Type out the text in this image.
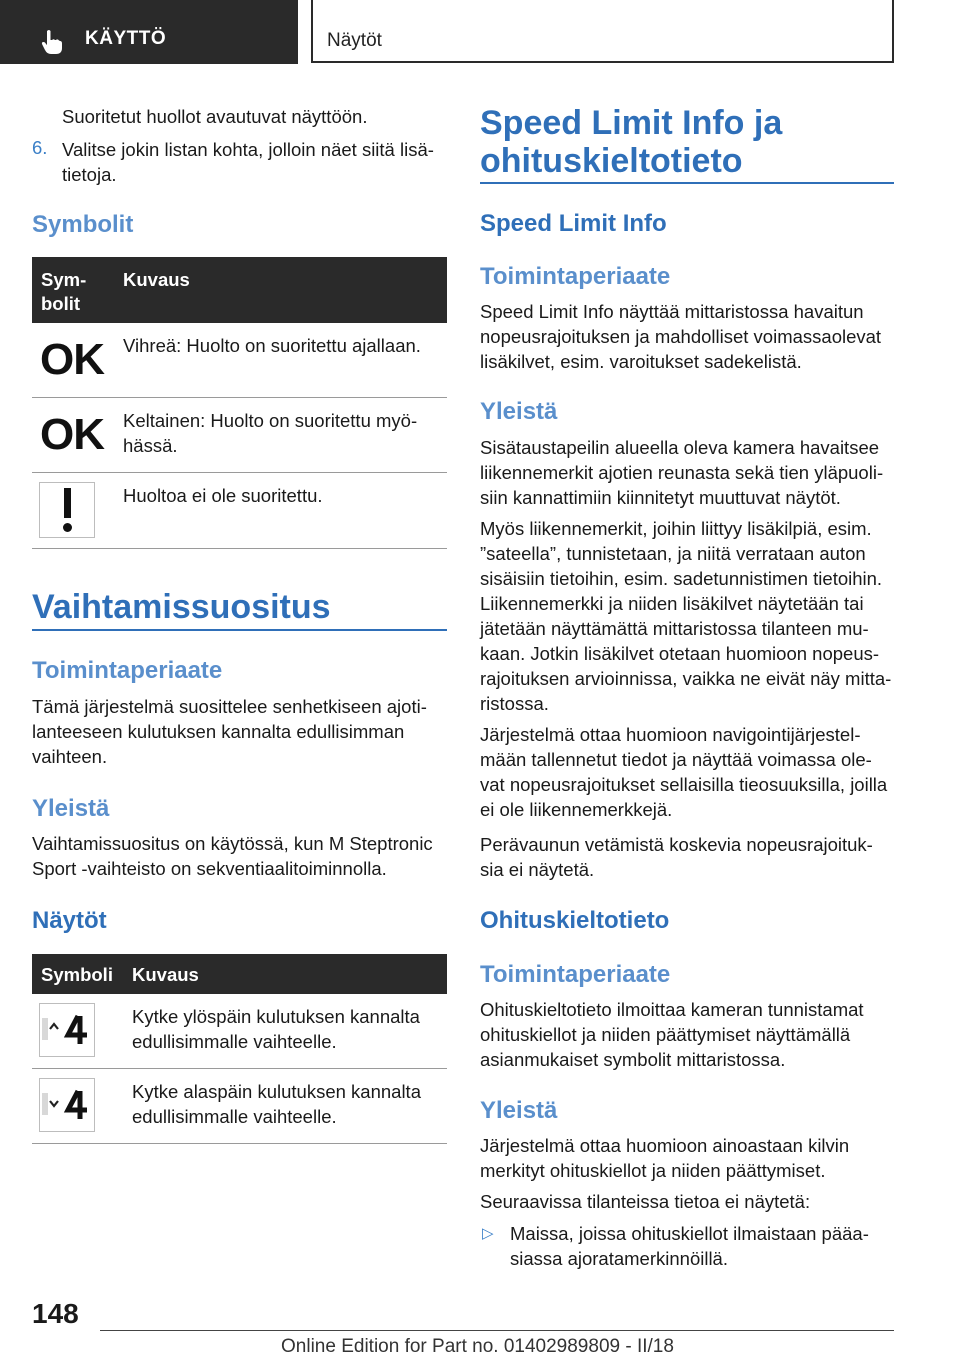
KÄYTTÖ	Näytöt

Suoritetut huollot avautuvat näyttöön.

6. Valitse jokin listan kohta, jolloin näet siitä lisä-

tietoja.

Symbolit
Sym-
bolit
Kuvaus
OK Vihreä: Huolto on suoritettu ajallaan.
OK Keltainen: Huolto on suoritettu myö-
hässä.
Huoltoa ei ole suoritettu.
Vaihtamissuositus
Toimintaperiaate

Tämä järjestelmä suosittelee senhetkiseen ajoti-

lanteeseen kulutuksen kannalta edullisimman

vaihteen.

Yleistä

Vaihtamissuositus on käytössä, kun M Steptronic

Sport -vaihteisto on sekventiaalitoiminnolla.

Näytöt
Symboli Kuvaus
Kytke ylöspäin kulutuksen kannalta
edullisimmalle vaihteelle.
Kytke alaspäin kulutuksen kannalta
edullisimmalle vaihteelle.
Speed Limit Info ja
ohituskieltotieto
Speed Limit Info
Toimintaperiaate

Speed Limit Info näyttää mittaristossa havaitun

nopeusrajoituksen ja mahdolliset voimassaolevat

lisäkilvet, esim. varoitukset sadekelistä.

Yleistä

Sisätaustapeilin alueella oleva kamera havaitsee

liikennemerkit ajotien reunasta sekä tien yläpuoli-

siin kannattimiin kiinnitetyt muuttuvat näytöt.

Myös liikennemerkit, joihin liittyy lisäkilpiä, esim.

”sateella”, tunnistetaan, ja niitä verrataan auton

sisäisiin tietoihin, esim. sadetunnistimen tietoihin.

Liikennemerkki ja niiden lisäkilvet näytetään tai

jätetään näyttämättä mittaristossa tilanteen mu-

kaan. Jotkin lisäkilvet otetaan huomioon nopeus-

rajoituksen arvioinnissa, vaikka ne eivät näy mitta-

ristossa.

Järjestelmä ottaa huomioon navigointijärjestel-

mään tallennetut tiedot ja näyttää voimassa ole-

vat nopeusrajoitukset sellaisilla tieosuuksilla, joilla

ei ole liikennemerkkejä.

Perävaunun vetämistä koskevia nopeusrajoituk-

sia ei näytetä.

Ohituskieltotieto
Toimintaperiaate

Ohituskieltotieto ilmoittaa kameran tunnistamat

ohituskiellot ja niiden päättymiset näyttämällä

asianmukaiset symbolit mittaristossa.

Yleistä

Järjestelmä ottaa huomioon ainoastaan kilvin

merkityt ohituskiellot ja niiden päättymiset.

Seuraavissa tilanteissa tietoa ei näytetä:

▷ Maissa, joissa ohituskiellot ilmaistaan pääa-

siassa ajoratamerkinnöillä.

148
Online Edition for Part no. 01402989809 - II/18
